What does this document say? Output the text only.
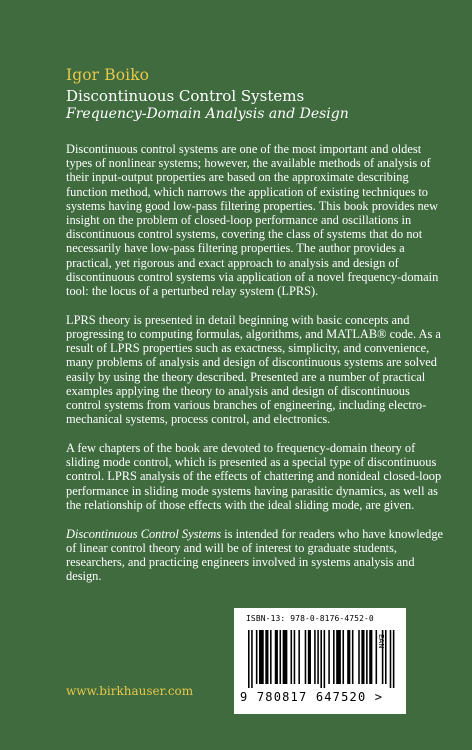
Igor Boiko
Discontinuous Control Systems
Frequency-Domain Analysis and Design

Discontinuous control systems are one of the most important and oldest types of nonlinear systems; however, the available methods of analysis of their input-output properties are based on the approximate describing function method, which narrows the application of existing techniques to systems having good low-pass filtering properties. This book provides new insight on the problem of closed-loop performance and oscillations in discontinuous control systems, covering the class of systems that do not necessarily have low-pass filtering properties. The author provides a practical, yet rigorous and exact approach to analysis and design of discontinuous control systems via application of a novel frequency-domain tool: the locus of a perturbed relay system (LPRS).

LPRS theory is presented in detail beginning with basic concepts and progressing to computing formulas, algorithms, and MATLAB® code. As a result of LPRS properties such as exactness, simplicity, and convenience, many problems of analysis and design of discontinuous systems are solved easily by using the theory described. Presented are a number of practical examples applying the theory to analysis and design of discontinuous control systems from various branches of engineering, including electro-mechanical systems, process control, and electronics.

A few chapters of the book are devoted to frequency-domain theory of sliding mode control, which is presented as a special type of discontinuous control. LPRS analysis of the effects of chattering and nonideal closed-loop performance in sliding mode systems having parasitic dynamics, as well as the relationship of those effects with the ideal sliding mode, are given.

Discontinuous Control Systems is intended for readers who have knowledge of linear control theory and will be of interest to graduate students, researchers, and practicing engineers involved in systems analysis and design.

ISBN-13: 978-0-8176-4752-0
EAN
9 780817 647520 >
www.birkhauser.com
